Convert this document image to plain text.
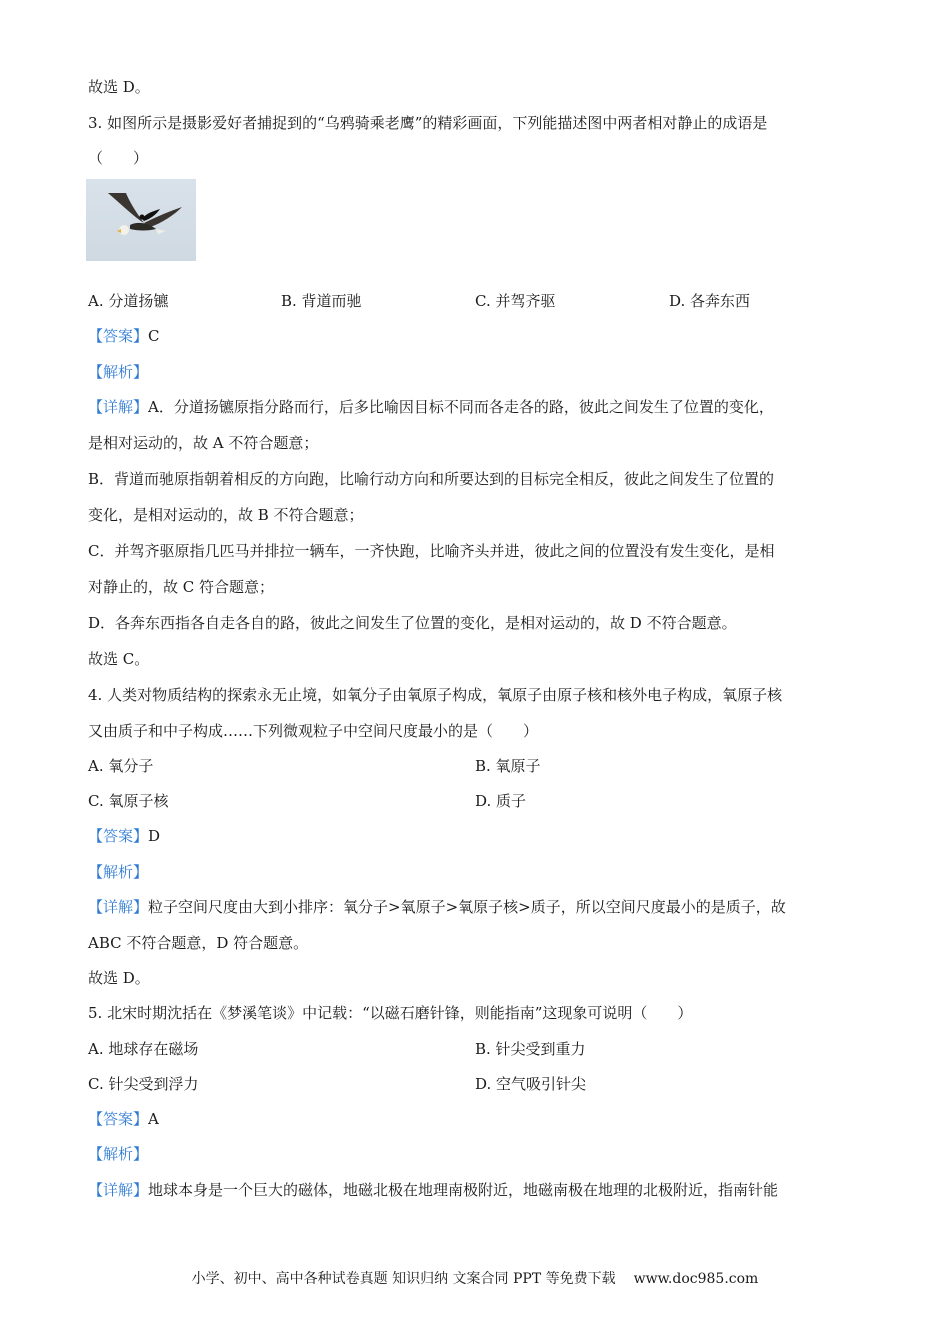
故选 D。
3. 如图所示是摄影爱好者捕捉到的“乌鸦骑乘老鹰”的精彩画面，下列能描述图中两者相对静止的成语是
（　　）
A. 分道扬镳	B. 背道而驰	C. 并驾齐驱	D. 各奔东西
【答案】C
【解析】
【详解】A．分道扬镳原指分路而行，后多比喻因目标不同而各走各的路，彼此之间发生了位置的变化，
是相对运动的，故 A 不符合题意；
B．背道而驰原指朝着相反的方向跑，比喻行动方向和所要达到的目标完全相反，彼此之间发生了位置的
变化，是相对运动的，故 B 不符合题意；
C．并驾齐驱原指几匹马并排拉一辆车，一齐快跑，比喻齐头并进，彼此之间的位置没有发生变化，是相
对静止的，故 C 符合题意；
D．各奔东西指各自走各自的路，彼此之间发生了位置的变化，是相对运动的，故 D 不符合题意。
故选 C。
4. 人类对物质结构的探索永无止境，如氧分子由氧原子构成，氧原子由原子核和核外电子构成，氧原子核
又由质子和中子构成……下列微观粒子中空间尺度最小的是（　　）
A. 氧分子	B. 氧原子
C. 氧原子核	D. 质子
【答案】D
【解析】
【详解】粒子空间尺度由大到小排序：氧分子>氧原子>氧原子核>质子，所以空间尺度最小的是质子，故
ABC 不符合题意，D 符合题意。
故选 D。
5. 北宋时期沈括在《梦溪笔谈》中记载：“以磁石磨针锋，则能指南”这现象可说明（　　）
A. 地球存在磁场	B. 针尖受到重力
C. 针尖受到浮力	D. 空气吸引针尖
【答案】A
【解析】
【详解】地球本身是一个巨大的磁体，地磁北极在地理南极附近，地磁南极在地理的北极附近，指南针能
小学、初中、高中各种试卷真题 知识归纳 文案合同 PPT 等免费下载 www.doc985.com
